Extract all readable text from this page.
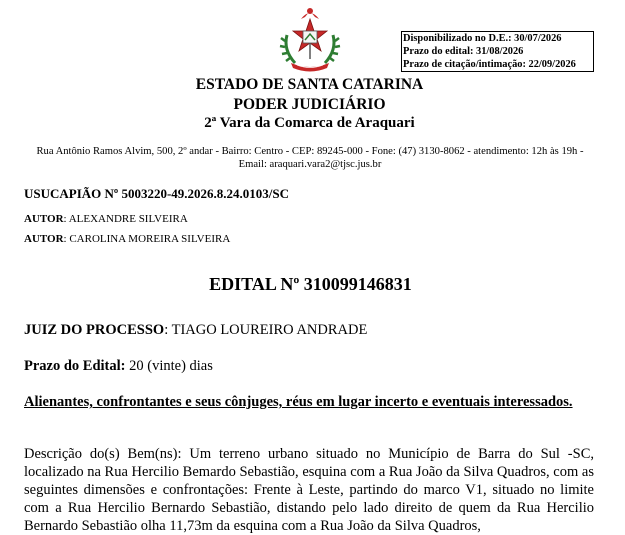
Disponibilizado no D.E.: 30/07/2026
Prazo do edital: 31/08/2026
Prazo de citação/intimação: 22/09/2026
ESTADO DE SANTA CATARINA
PODER JUDICIÁRIO
2ª Vara da Comarca de Araquari
Rua Antônio Ramos Alvim, 500, 2º andar - Bairro: Centro - CEP: 89245-000 - Fone: (47) 3130-8062 - atendimento: 12h às 19h - Email: araquari.vara2@tjsc.jus.br
USUCAPIÃO Nº 5003220-49.2026.8.24.0103/SC
AUTOR: ALEXANDRE SILVEIRA
AUTOR: CAROLINA MOREIRA SILVEIRA
EDITAL Nº 310099146831
JUIZ DO PROCESSO: TIAGO LOUREIRO ANDRADE
Prazo do Edital: 20 (vinte) dias
Alienantes, confrontantes e seus cônjuges, réus em lugar incerto e eventuais interessados.
Descrição do(s) Bem(ns): Um terreno urbano situado no Município de Barra do Sul -SC, localizado na Rua Hercilio Bemardo Sebastião, esquina com a Rua João da Silva Quadros, com as seguintes dimensões e confrontações: Frente à Leste, partindo do marco V1, situado no limite com a Rua Hercilio Bernardo Sebastião, distando pelo lado direito de quem da Rua Hercilio Bernardo Sebastião olha 11,73m da esquina com a Rua João da Silva Quadros,
